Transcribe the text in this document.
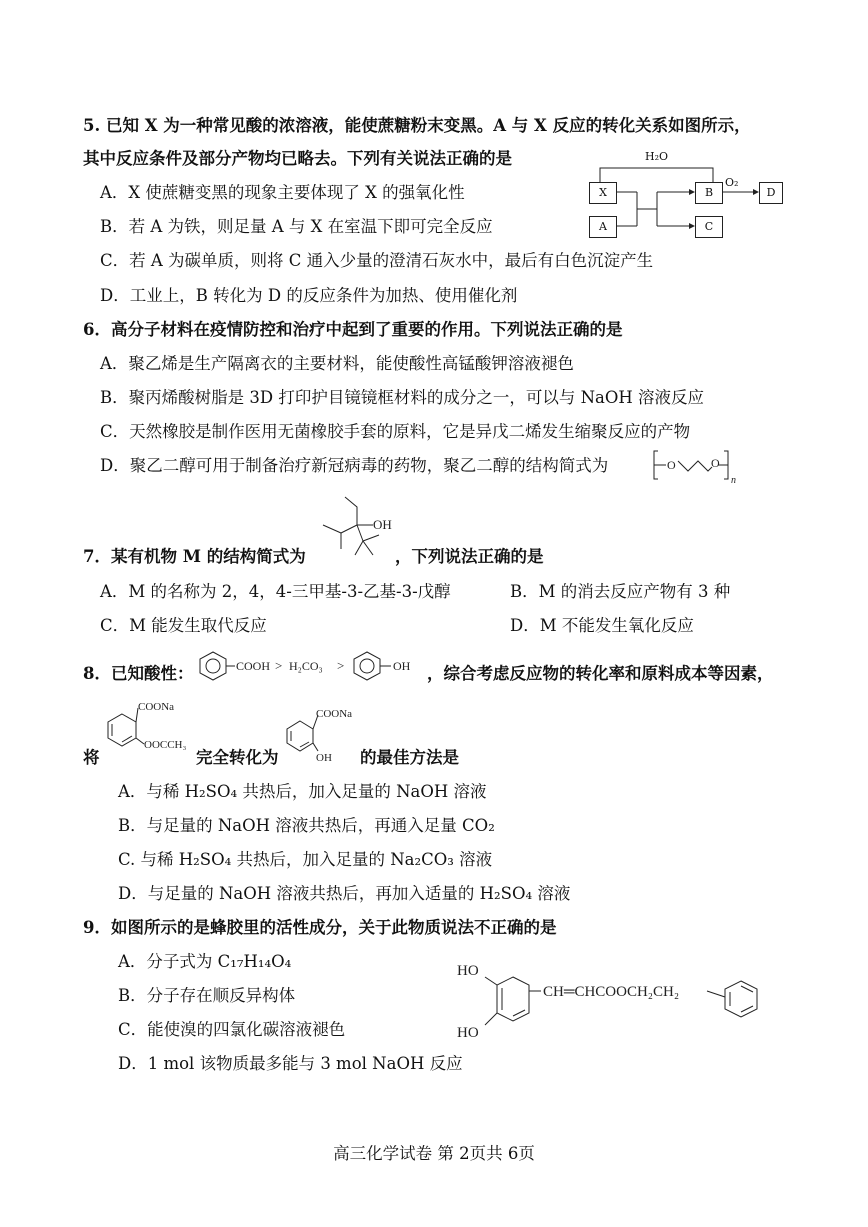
5. 已知 X 为一种常见酸的浓溶液，能使蔗糖粉末变黑。A 与 X 反应的转化关系如图所示，
其中反应条件及部分产物均已略去。下列有关说法正确的是
A．X 使蔗糖变黑的现象主要体现了 X 的强氧化性
B．若 A 为铁，则足量 A 与 X 在室温下即可完全反应
C．若 A 为碳单质，则将 C 通入少量的澄清石灰水中，最后有白色沉淀产生
D．工业上，B 转化为 D 的反应条件为加热、使用催化剂
H₂O
O₂
X
A
B
C
D
6．高分子材料在疫情防控和治疗中起到了重要的作用。下列说法正确的是
A．聚乙烯是生产隔离衣的主要材料，能使酸性高锰酸钾溶液褪色
B．聚丙烯酸树脂是 3D 打印护目镜镜框材料的成分之一，可以与 NaOH 溶液反应
C．天然橡胶是制作医用无菌橡胶手套的原料，它是异戊二烯发生缩聚反应的产物
D．聚乙二醇可用于制备治疗新冠病毒的药物，聚乙二醇的结构简式为	O	O
n
OH
7．某有机物 M 的结构简式为	，下列说法正确的是
A．M 的名称为 2，4，4-三甲基-3-乙基-3-戊醇	B．M 的消去反应产物有 3 种
C．M 能发生取代反应	D．M 不能发生氧化反应
8．已知酸性：	COOH > H₂CO₃ >	OH ，综合考虑反应物的转化率和原料成本等因素，
将
COONa
OOCCH₃
完全转化为
COONa
OH 的最佳方法是
A．与稀 H₂SO₄ 共热后，加入足量的 NaOH 溶液
B．与足量的 NaOH 溶液共热后，再通入足量 CO₂
C. 与稀 H₂SO₄ 共热后，加入足量的 Na₂CO₃ 溶液
D．与足量的 NaOH 溶液共热后，再加入适量的 H₂SO₄ 溶液
9．如图所示的是蜂胶里的活性成分，关于此物质说法不正确的是
A．分子式为 C₁₇H₁₄O₄
B．分子存在顺反异构体
C．能使溴的四氯化碳溶液褪色
D．1 mol 该物质最多能与 3 mol NaOH 反应
HO
HO
CH═CHCOOCH₂CH₂
高三化学试卷 第 2页共 6页
